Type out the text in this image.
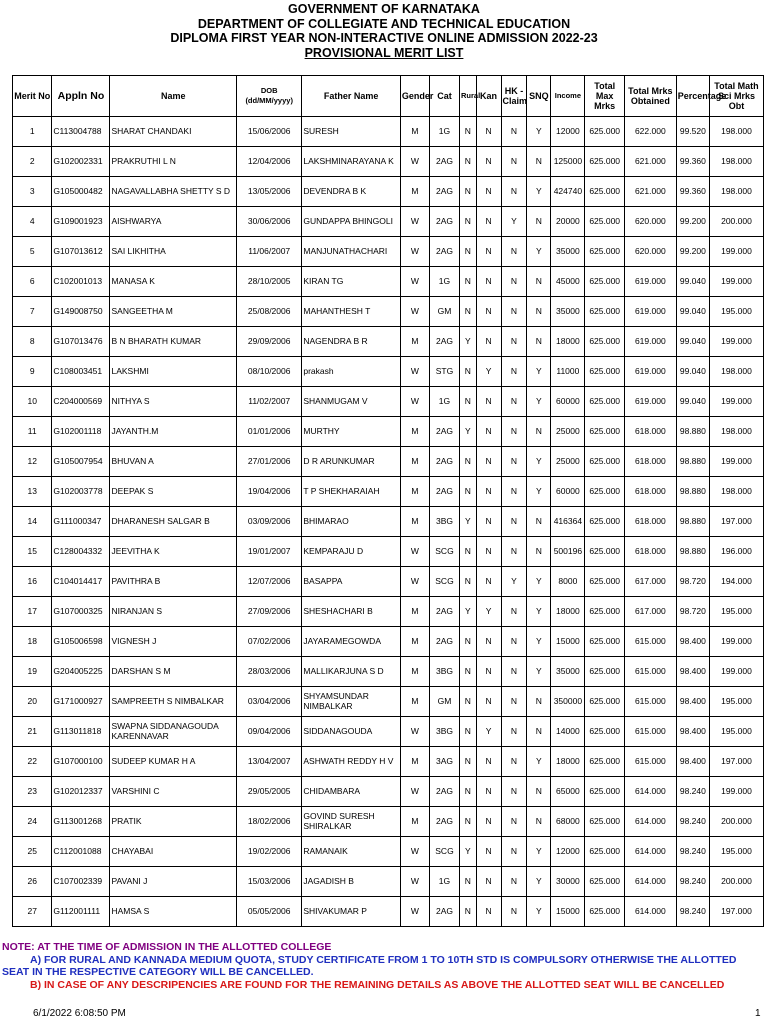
GOVERNMENT OF KARNATAKA
DEPARTMENT OF COLLEGIATE AND TECHNICAL EDUCATION
DIPLOMA FIRST YEAR NON-INTERACTIVE ONLINE ADMISSION 2022-23
PROVISIONAL MERIT LIST
Merit No	Appln No	Name	DOB (dd/MM/yyyy)	Father Name	Gender	Cat	Rural	Kan	HK - Claim	SNQ	Income	Total Max Mrks	Total Mrks Obtained	Percentage	Total Math Sci Mrks Obt
1	C113004788	SHARAT CHANDAKI	15/06/2006	SURESH	M	1G	N	N	N	Y	12000	625.000	622.000	99.520	198.000
2	G102002331	PRAKRUTHI L N	12/04/2006	LAKSHMINARAYANA K	W	2AG	N	N	N	N	125000	625.000	621.000	99.360	198.000
3	G105000482	NAGAVALLABHA SHETTY S D	13/05/2006	DEVENDRA B K	M	2AG	N	N	N	Y	424740	625.000	621.000	99.360	198.000
4	G109001923	AISHWARYA	30/06/2006	GUNDAPPA BHINGOLI	W	2AG	N	N	Y	N	20000	625.000	620.000	99.200	200.000
5	G107013612	SAI LIKHITHA	11/06/2007	MANJUNATHACHARI	W	2AG	N	N	N	Y	35000	625.000	620.000	99.200	199.000
6	C102001013	MANASA K	28/10/2005	KIRAN TG	W	1G	N	N	N	N	45000	625.000	619.000	99.040	199.000
7	G149008750	SANGEETHA M	25/08/2006	MAHANTHESH T	W	GM	N	N	N	N	35000	625.000	619.000	99.040	195.000
8	G107013476	B N BHARATH KUMAR	29/09/2006	NAGENDRA B R	M	2AG	Y	N	N	N	18000	625.000	619.000	99.040	199.000
9	C108003451	LAKSHMI	08/10/2006	prakash	W	STG	N	Y	N	Y	11000	625.000	619.000	99.040	198.000
10	C204000569	NITHYA S	11/02/2007	SHANMUGAM V	W	1G	N	N	N	Y	60000	625.000	619.000	99.040	199.000
11	G102001118	JAYANTH.M	01/01/2006	MURTHY	M	2AG	Y	N	N	N	25000	625.000	618.000	98.880	198.000
12	G105007954	BHUVAN A	27/01/2006	D R ARUNKUMAR	M	2AG	N	N	N	Y	25000	625.000	618.000	98.880	199.000
13	G102003778	DEEPAK S	19/04/2006	T P SHEKHARAIAH	M	2AG	N	N	N	Y	60000	625.000	618.000	98.880	198.000
14	G111000347	DHARANESH SALGAR B	03/09/2006	BHIMARAO	M	3BG	Y	N	N	N	416364	625.000	618.000	98.880	197.000
15	C128004332	JEEVITHA K	19/01/2007	KEMPARAJU D	W	SCG	N	N	N	N	500196	625.000	618.000	98.880	196.000
16	C104014417	PAVITHRA B	12/07/2006	BASAPPA	W	SCG	N	N	Y	Y	8000	625.000	617.000	98.720	194.000
17	G107000325	NIRANJAN S	27/09/2006	SHESHACHARI B	M	2AG	Y	Y	N	Y	18000	625.000	617.000	98.720	195.000
18	G105006598	VIGNESH J	07/02/2006	JAYARAMEGOWDA	M	2AG	N	N	N	Y	15000	625.000	615.000	98.400	199.000
19	G204005225	DARSHAN S M	28/03/2006	MALLIKARJUNA S D	M	3BG	N	N	N	Y	35000	625.000	615.000	98.400	199.000
20	G171000927	SAMPREETH S NIMBALKAR	03/04/2006	SHYAMSUNDAR NIMBALKAR	M	GM	N	N	N	N	350000	625.000	615.000	98.400	195.000
21	G113011818	SWAPNA SIDDANAGOUDA KARENNAVAR	09/04/2006	SIDDANAGOUDA	W	3BG	N	Y	N	N	14000	625.000	615.000	98.400	195.000
22	G107000100	SUDEEP KUMAR H A	13/04/2007	ASHWATH REDDY H V	M	3AG	N	N	N	Y	18000	625.000	615.000	98.400	197.000
23	G102012337	VARSHINI C	29/05/2005	CHIDAMBARA	W	2AG	N	N	N	N	65000	625.000	614.000	98.240	199.000
24	G113001268	PRATIK	18/02/2006	GOVIND SURESH SHIRALKAR	M	2AG	N	N	N	N	68000	625.000	614.000	98.240	200.000
25	C112001088	CHAYABAI	19/02/2006	RAMANAIK	W	SCG	Y	N	N	Y	12000	625.000	614.000	98.240	195.000
26	C107002339	PAVANI J	15/03/2006	JAGADISH B	W	1G	N	N	N	Y	30000	625.000	614.000	98.240	200.000
27	G112001111	HAMSA S	05/05/2006	SHIVAKUMAR P	W	2AG	N	N	N	Y	15000	625.000	614.000	98.240	197.000
NOTE: AT THE TIME OF ADMISSION IN THE ALLOTTED COLLEGE
A) FOR RURAL AND KANNADA MEDIUM QUOTA, STUDY CERTIFICATE FROM 1 TO 10TH STD IS COMPULSORY OTHERWISE THE ALLOTTED SEAT IN THE RESPECTIVE CATEGORY WILL BE CANCELLED.
B) IN CASE OF ANY DESCRIPENCIES ARE FOUND FOR THE REMAINING DETAILS AS ABOVE THE ALLOTTED SEAT WILL BE CANCELLED
6/1/2022 6:08:50 PM	1
